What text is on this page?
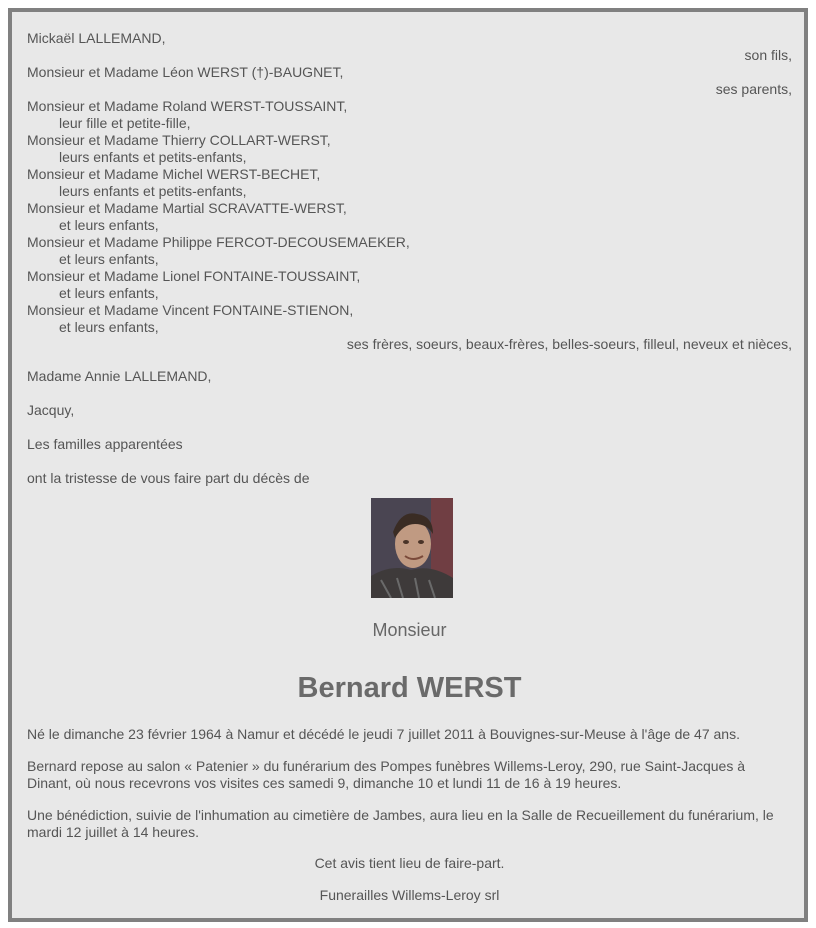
Mickaël LALLEMAND,
son fils,
Monsieur et Madame Léon WERST (†)-BAUGNET,
ses parents,
Monsieur et Madame Roland WERST-TOUSSAINT,
leur fille et petite-fille,
Monsieur et Madame Thierry COLLART-WERST,
leurs enfants et petits-enfants,
Monsieur et Madame Michel WERST-BECHET,
leurs enfants et petits-enfants,
Monsieur et Madame Martial SCRAVATTE-WERST,
et leurs enfants,
Monsieur et Madame Philippe FERCOT-DECOUSEMAEKER,
et leurs enfants,
Monsieur et Madame Lionel FONTAINE-TOUSSAINT,
et leurs enfants,
Monsieur et Madame Vincent FONTAINE-STIENON,
et leurs enfants,
ses frères, soeurs, beaux-frères, belles-soeurs, filleul, neveux et nièces,
Madame Annie LALLEMAND,
Jacquy,
Les familles apparentées
ont la tristesse de vous faire part du décès de
Monsieur
Bernard WERST
Né le dimanche 23 février 1964 à Namur et décédé le jeudi 7 juillet 2011 à Bouvignes-sur-Meuse à l'âge de 47 ans.
Bernard repose au salon « Patenier » du funérarium des Pompes funèbres Willems-Leroy, 290, rue Saint-Jacques à Dinant, où nous recevrons vos visites ces samedi 9, dimanche 10 et lundi 11 de 16 à 19 heures.
Une bénédiction, suivie de l'inhumation au cimetière de Jambes, aura lieu en la Salle de Recueillement du funérarium, le mardi 12 juillet à 14 heures.
Cet avis tient lieu de faire-part.
Funerailles Willems-Leroy srl
